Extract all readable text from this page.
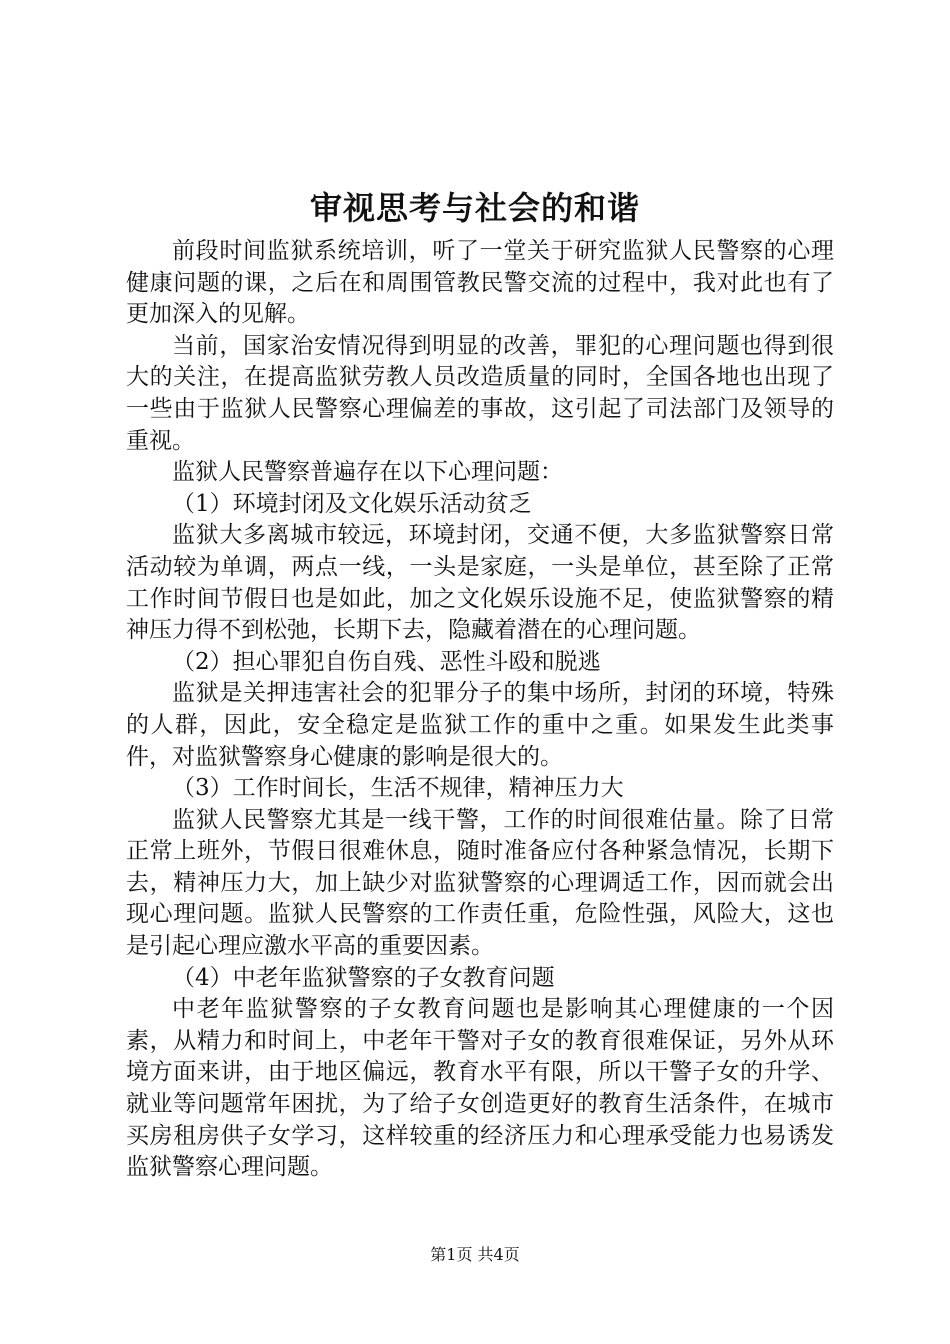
审视思考与社会的和谐

前段时间监狱系统培训，听了一堂关于研究监狱人民警察的心理健康问题的课，之后在和周围管教民警交流的过程中，我对此也有了更加深入的见解。

当前，国家治安情况得到明显的改善，罪犯的心理问题也得到很大的关注，在提高监狱劳教人员改造质量的同时，全国各地也出现了一些由于监狱人民警察心理偏差的事故，这引起了司法部门及领导的重视。

监狱人民警察普遍存在以下心理问题：

（1）环境封闭及文化娱乐活动贫乏

监狱大多离城市较远，环境封闭，交通不便，大多监狱警察日常活动较为单调，两点一线，一头是家庭，一头是单位，甚至除了正常工作时间节假日也是如此，加之文化娱乐设施不足，使监狱警察的精神压力得不到松弛，长期下去，隐藏着潜在的心理问题。

（2）担心罪犯自伤自残、恶性斗殴和脱逃

监狱是关押违害社会的犯罪分子的集中场所，封闭的环境，特殊的人群，因此，安全稳定是监狱工作的重中之重。如果发生此类事件，对监狱警察身心健康的影响是很大的。

（3）工作时间长，生活不规律，精神压力大

监狱人民警察尤其是一线干警，工作的时间很难估量。除了日常正常上班外，节假日很难休息，随时准备应付各种紧急情况，长期下去，精神压力大，加上缺少对监狱警察的心理调适工作，因而就会出现心理问题。监狱人民警察的工作责任重，危险性强，风险大，这也是引起心理应激水平高的重要因素。

（4）中老年监狱警察的子女教育问题

中老年监狱警察的子女教育问题也是影响其心理健康的一个因素，从精力和时间上，中老年干警对子女的教育很难保证，另外从环境方面来讲，由于地区偏远，教育水平有限，所以干警子女的升学、就业等问题常年困扰，为了给子女创造更好的教育生活条件，在城市买房租房供子女学习，这样较重的经济压力和心理承受能力也易诱发监狱警察心理问题。

第1页 共4页
